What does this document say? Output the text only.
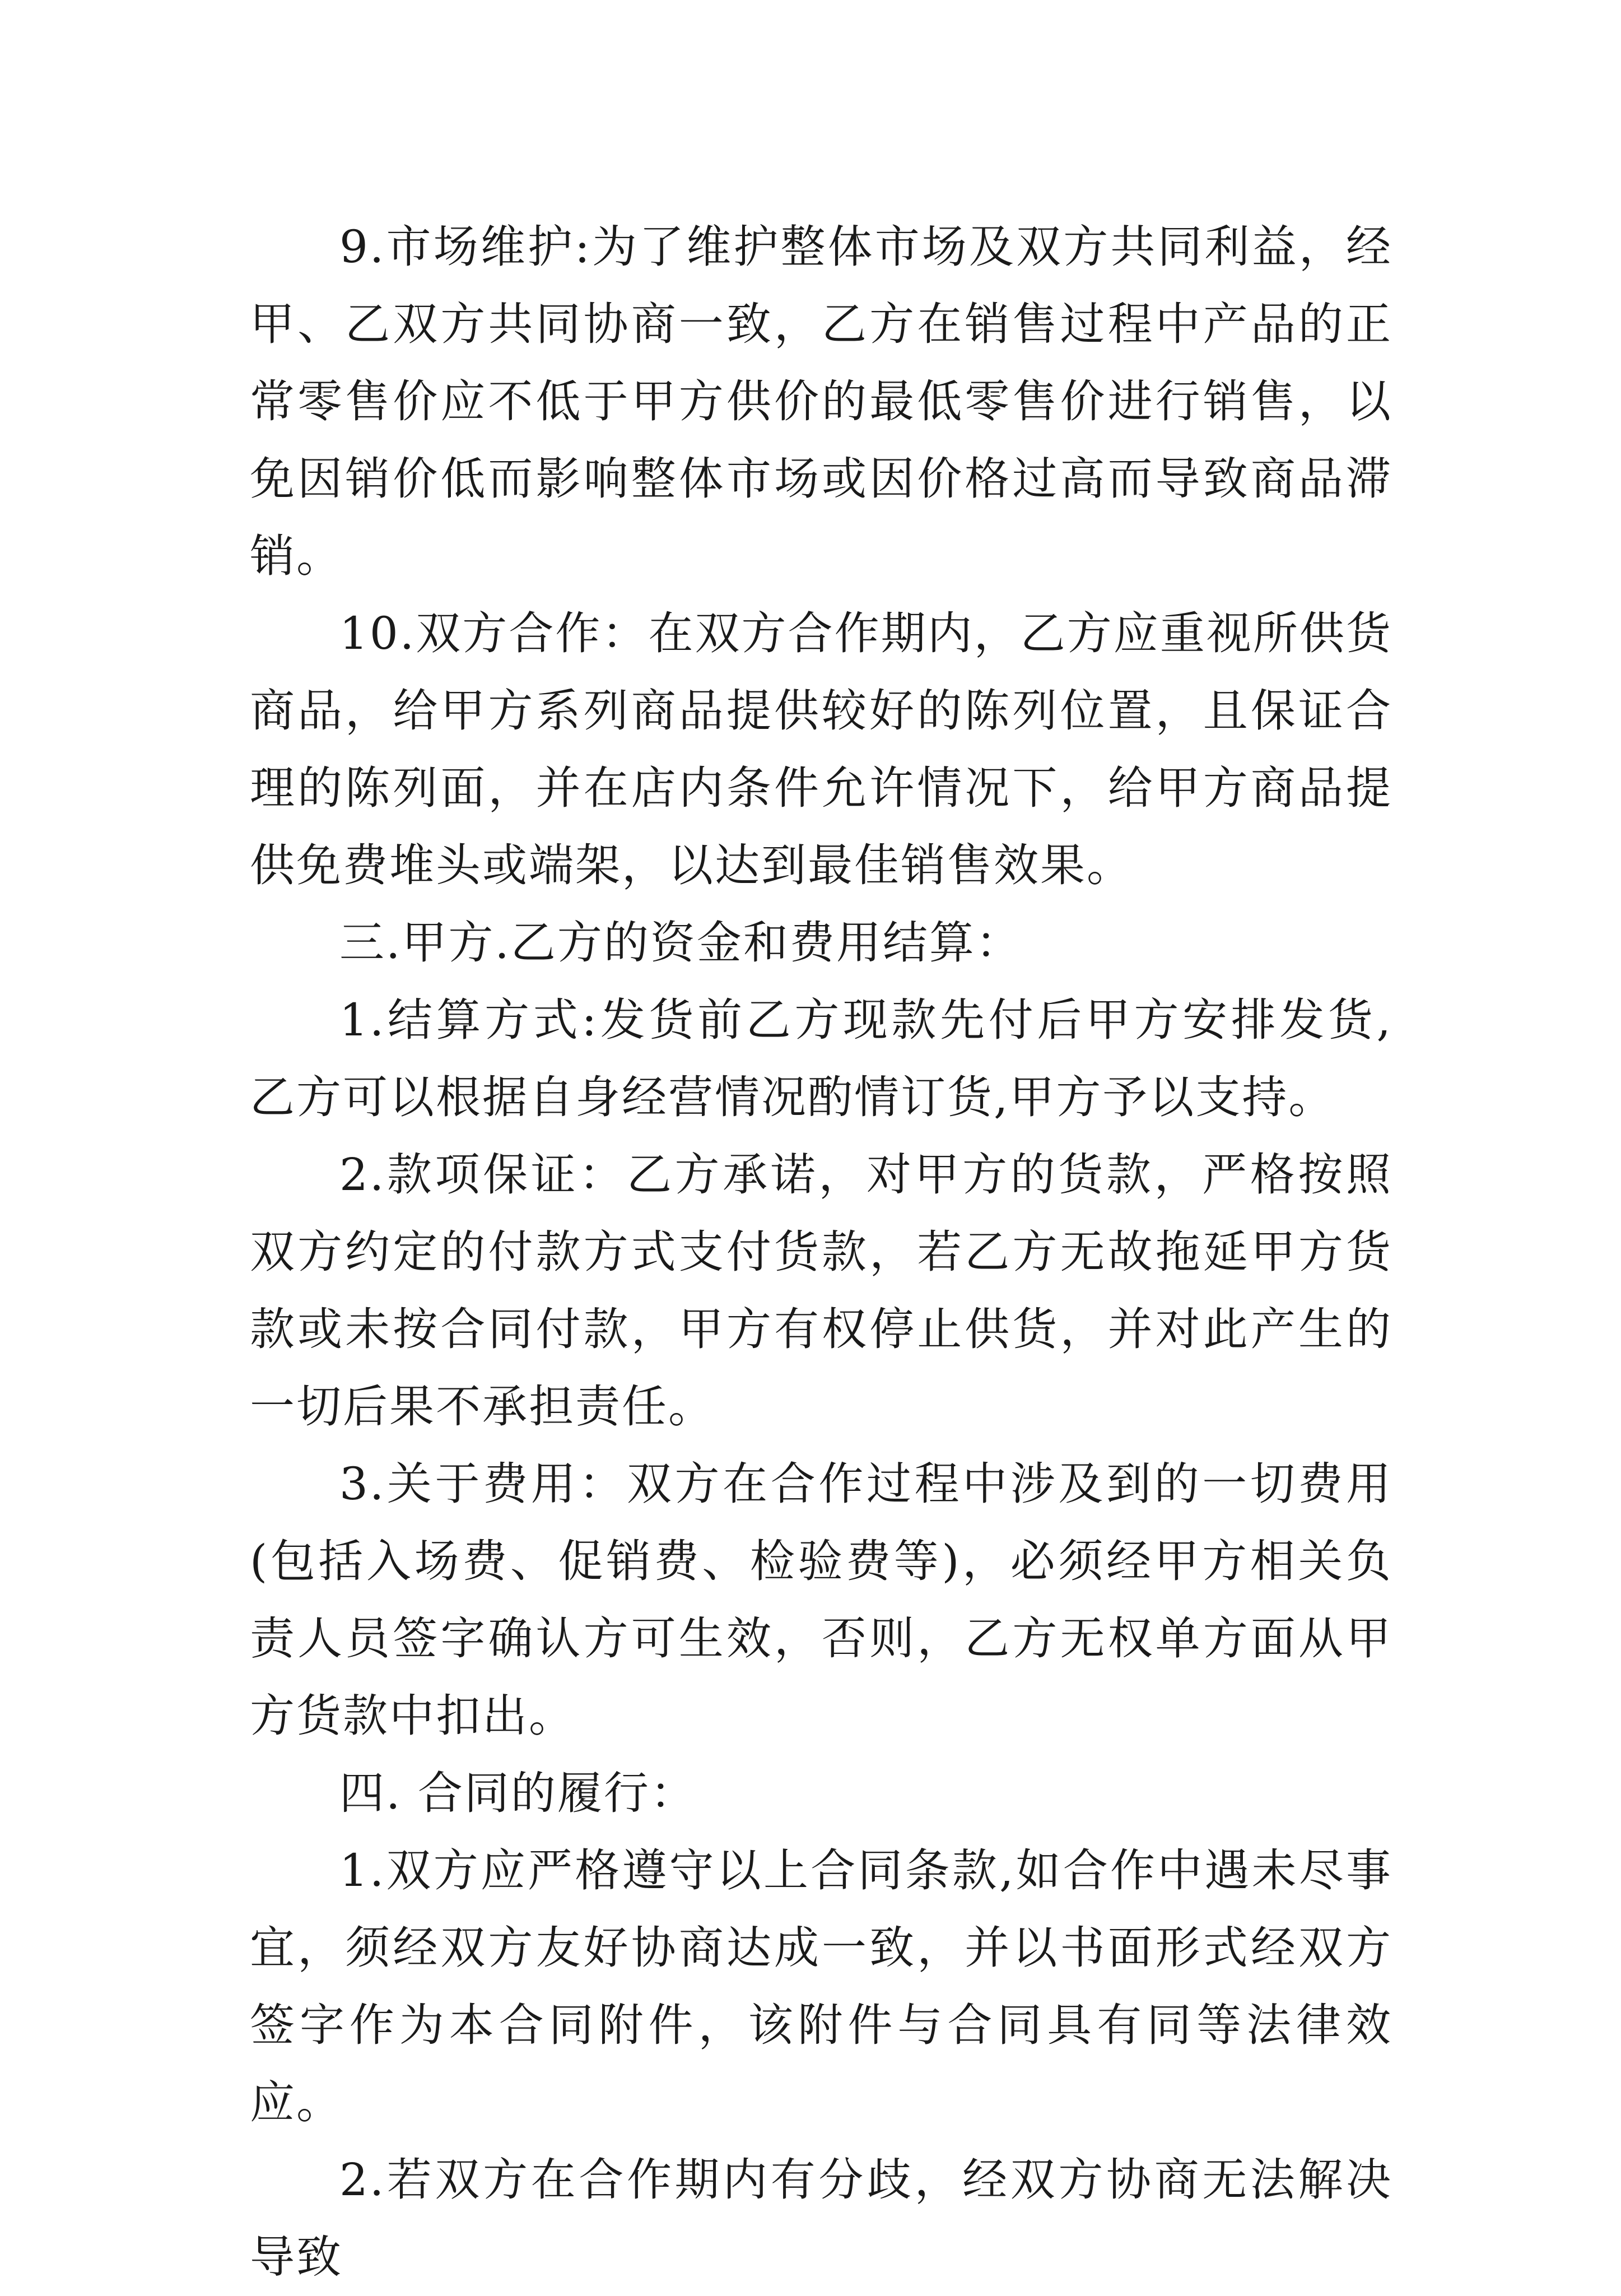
9.市场维护:为了维护整体市场及双方共同利益，经甲、乙双方共同协商一致，乙方在销售过程中产品的正常零售价应不低于甲方供价的最低零售价进行销售，以免因销价低而影响整体市场或因价格过高而导致商品滞销。

10.双方合作：在双方合作期内，乙方应重视所供货商品，给甲方系列商品提供较好的陈列位置，且保证合理的陈列面，并在店内条件允许情况下，给甲方商品提供免费堆头或端架，以达到最佳销售效果。

三.甲方.乙方的资金和费用结算：

1.结算方式:发货前乙方现款先付后甲方安排发货,乙方可以根据自身经营情况酌情订货,甲方予以支持。

2.款项保证：乙方承诺，对甲方的货款，严格按照双方约定的付款方式支付货款，若乙方无故拖延甲方货款或未按合同付款，甲方有权停止供货，并对此产生的一切后果不承担责任。

3.关于费用：双方在合作过程中涉及到的一切费用(包括入场费、促销费、检验费等)，必须经甲方相关负责人员签字确认方可生效，否则，乙方无权单方面从甲方货款中扣出。

四. 合同的履行：

1.双方应严格遵守以上合同条款,如合作中遇未尽事宜，须经双方友好协商达成一致，并以书面形式经双方签字作为本合同附件，该附件与合同具有同等法律效应。

2.若双方在合作期内有分歧，经双方协商无法解决导致
